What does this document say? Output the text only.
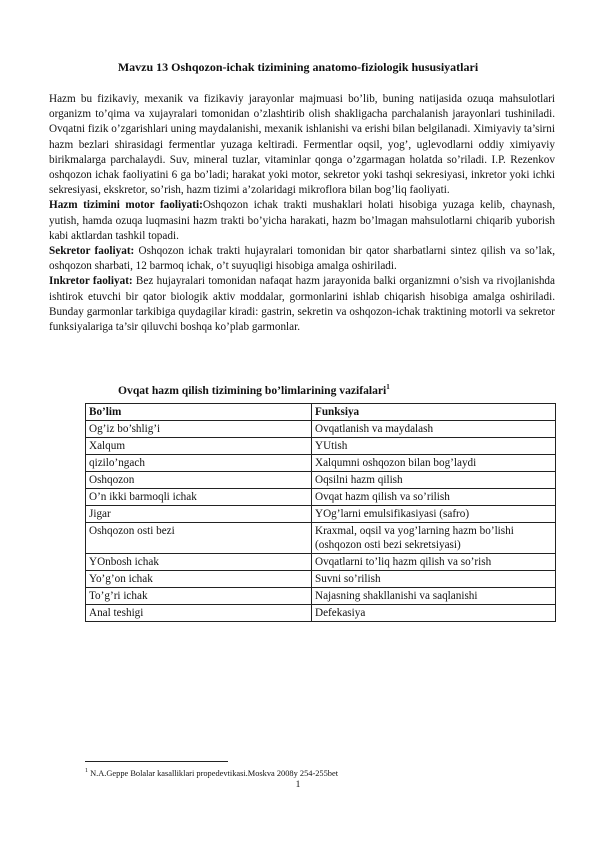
Mavzu 13 Oshqozon-ichak tizimining anatomo-fiziologik hususiyatlari

Hazm bu fizikaviy, mexanik va fizikaviy jarayonlar majmuasi bo’lib, buning natijasida ozuqa mahsulotlari organizm to’qima va xujayralari tomonidan o’zlashtirib olish shakligacha parchalanish jarayonlari tushiniladi. Ovqatni fizik o’zgarishlari uning maydalanishi, mexanik ishlanishi va erishi bilan belgilanadi. Ximiyaviy ta’sirni hazm bezlari shirasidagi fermentlar yuzaga keltiradi. Fermentlar oqsil, yog’, uglevodlarni oddiy ximiyaviy birikmalarga parchalaydi. Suv, mineral tuzlar, vitaminlar qonga o’zgarmagan holatda so’riladi. I.P. Rezenkov oshqozon ichak faoliyatini 6 ga bo’ladi; harakat yoki motor, sekretor yoki tashqi sekresiyasi, inkretor yoki ichki sekresiyasi, ekskretor, so’rish, hazm tizimi a’zolaridagi mikroflora bilan bog’liq faoliyati.

Hazm tizimini motor faoliyati:Oshqozon ichak trakti mushaklari holati hisobiga yuzaga kelib, chaynash, yutish, hamda ozuqa luqmasini hazm trakti bo’yicha harakati, hazm bo’lmagan mahsulotlarni chiqarib yuborish kabi aktlardan tashkil topadi.

Sekretor faoliyat: Oshqozon ichak trakti hujayralari tomonidan bir qator sharbatlarni sintez qilish va so’lak, oshqozon sharbati, 12 barmoq ichak, o’t suyuqligi hisobiga amalga oshiriladi.

Inkretor faoliyat: Bez hujayralari tomonidan nafaqat hazm jarayonida balki organizmni o’sish va rivojlanishda ishtirok etuvchi bir qator biologik aktiv moddalar, gormonlarini ishlab chiqarish hisobiga amalga oshiriladi. Bunday garmonlar tarkibiga quydagilar kiradi: gastrin, sekretin va oshqozon-ichak traktining motorli va sekretor funksiyalariga ta’sir qiluvchi boshqa ko’plab garmonlar.

Ovqat hazm qilish tizimining bo’limlarining vazifalari$^1$
Bo’lim	Funksiya
Og’iz bo’shlig’i	Ovqatlanish va maydalash
Xalqum	YUtish
qizilo’ngach	Xalqumni oshqozon bilan bog’laydi
Oshqozon	Oqsilni hazm qilish
O’n ikki barmoqli ichak	Ovqat hazm qilish va so’rilish
Jigar	YOg’larni emulsifikasiyasi (safro)
Oshqozon osti bezi	Kraxmal, oqsil va yog’larning hazm bo’lishi (oshqozon osti bezi sekretsiyasi)
YOnbosh ichak	Ovqatlarni to’liq hazm qilish va so’rish
Yo’g’on ichak	Suvni so’rilish
To’g’ri ichak	Najasning shakllanishi va saqlanishi
Anal teshigi	Defekasiya
$^1$ N.A.Geppe Bolalar kasalliklari propedevtikasi.Moskva 2008y 254-255bet
1
